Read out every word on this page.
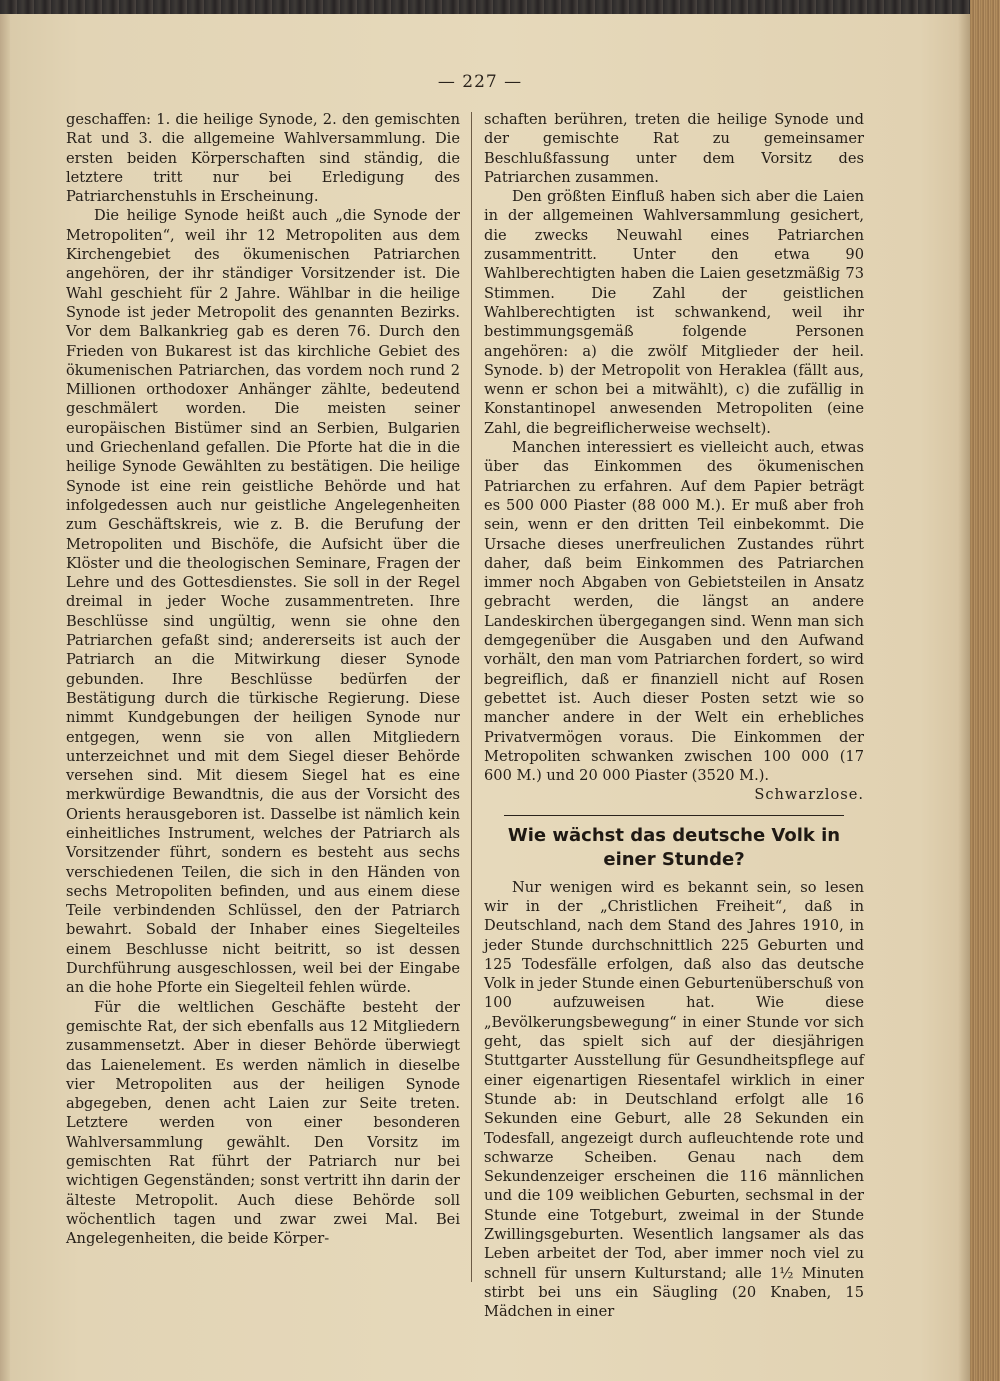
— 227 —

geschaffen: 1. die heilige Synode, 2. den gemischten Rat und 3. die allgemeine Wahlversammlung. Die ersten beiden Körperschaften sind ständig, die letztere tritt nur bei Erledigung des Patriarchenstuhls in Erscheinung.

Die heilige Synode heißt auch „die Synode der Metropoliten“, weil ihr 12 Metropoliten aus dem Kirchengebiet des ökumenischen Patriarchen angehören, der ihr ständiger Vorsitzender ist. Die Wahl geschieht für 2 Jahre. Wählbar in die heilige Synode ist jeder Metropolit des genannten Bezirks. Vor dem Balkankrieg gab es deren 76. Durch den Frieden von Bukarest ist das kirchliche Gebiet des ökumenischen Patriarchen, das vordem noch rund 2 Millionen orthodoxer Anhänger zählte, bedeutend geschmälert worden. Die meisten seiner europäischen Bistümer sind an Serbien, Bulgarien und Griechenland gefallen. Die Pforte hat die in die heilige Synode Gewählten zu bestätigen. Die heilige Synode ist eine rein geistliche Behörde und hat infolgedessen auch nur geistliche Angelegenheiten zum Geschäftskreis, wie z. B. die Berufung der Metropoliten und Bischöfe, die Aufsicht über die Klöster und die theologischen Seminare, Fragen der Lehre und des Gottesdienstes. Sie soll in der Regel dreimal in jeder Woche zusammentreten. Ihre Beschlüsse sind ungültig, wenn sie ohne den Patriarchen gefaßt sind; andererseits ist auch der Patriarch an die Mitwirkung dieser Synode gebunden. Ihre Beschlüsse bedürfen der Bestätigung durch die türkische Regierung. Diese nimmt Kundgebungen der heiligen Synode nur entgegen, wenn sie von allen Mitgliedern unterzeichnet und mit dem Siegel dieser Behörde versehen sind. Mit diesem Siegel hat es eine merkwürdige Bewandtnis, die aus der Vorsicht des Orients herausgeboren ist. Dasselbe ist nämlich kein einheitliches Instrument, welches der Patriarch als Vorsitzender führt, sondern es besteht aus sechs verschiedenen Teilen, die sich in den Händen von sechs Metropoliten befinden, und aus einem diese Teile verbindenden Schlüssel, den der Patriarch bewahrt. Sobald der Inhaber eines Siegelteiles einem Beschlusse nicht beitritt, so ist dessen Durchführung ausgeschlossen, weil bei der Eingabe an die hohe Pforte ein Siegelteil fehlen würde.

Für die weltlichen Geschäfte besteht der gemischte Rat, der sich ebenfalls aus 12 Mitgliedern zusammensetzt. Aber in dieser Behörde überwiegt das Laienelement. Es werden nämlich in dieselbe vier Metropoliten aus der heiligen Synode abgegeben, denen acht Laien zur Seite treten. Letztere werden von einer besonderen Wahlversammlung gewählt. Den Vorsitz im gemischten Rat führt der Patriarch nur bei wichtigen Gegenständen; sonst vertritt ihn darin der älteste Metropolit. Auch diese Behörde soll wöchentlich tagen und zwar zwei Mal. Bei Angelegenheiten, die beide Körper-

schaften berühren, treten die heilige Synode und der gemischte Rat zu gemeinsamer Beschlußfassung unter dem Vorsitz des Patriarchen zusammen.

Den größten Einfluß haben sich aber die Laien in der allgemeinen Wahlversammlung gesichert, die zwecks Neuwahl eines Patriarchen zusammentritt. Unter den etwa 90 Wahlberechtigten haben die Laien gesetzmäßig 73 Stimmen. Die Zahl der geistlichen Wahlberechtigten ist schwankend, weil ihr bestimmungsgemäß folgende Personen angehören: a) die zwölf Mitglieder der heil. Synode. b) der Metropolit von Heraklea (fällt aus, wenn er schon bei a mitwählt), c) die zufällig in Konstantinopel anwesenden Metropoliten (eine Zahl, die begreiflicherweise wechselt).

Manchen interessiert es vielleicht auch, etwas über das Einkommen des ökumenischen Patriarchen zu erfahren. Auf dem Papier beträgt es 500 000 Piaster (88 000 M.). Er muß aber froh sein, wenn er den dritten Teil einbekommt. Die Ursache dieses unerfreulichen Zustandes rührt daher, daß beim Einkommen des Patriarchen immer noch Abgaben von Gebietsteilen in Ansatz gebracht werden, die längst an andere Landeskirchen übergegangen sind. Wenn man sich demgegenüber die Ausgaben und den Aufwand vorhält, den man vom Patriarchen fordert, so wird begreiflich, daß er finanziell nicht auf Rosen gebettet ist. Auch dieser Posten setzt wie so mancher andere in der Welt ein erhebliches Privatvermögen voraus. Die Einkommen der Metropoliten schwanken zwischen 100 000 (17 600 M.) und 20 000 Piaster (3520 M.).

Schwarzlose.

Wie wächst das deutsche Volk in einer Stunde?

Nur wenigen wird es bekannt sein, so lesen wir in der „Christlichen Freiheit“, daß in Deutschland, nach dem Stand des Jahres 1910, in jeder Stunde durchschnittlich 225 Geburten und 125 Todesfälle erfolgen, daß also das deutsche Volk in jeder Stunde einen Geburtenüberschuß von 100 aufzuweisen hat. Wie diese „Bevölkerungsbewegung“ in einer Stunde vor sich geht, das spielt sich auf der diesjährigen Stuttgarter Ausstellung für Gesundheitspflege auf einer eigenartigen Riesentafel wirklich in einer Stunde ab: in Deutschland erfolgt alle 16 Sekunden eine Geburt, alle 28 Sekunden ein Todesfall, angezeigt durch aufleuchtende rote und schwarze Scheiben. Genau nach dem Sekundenzeiger erscheinen die 116 männlichen und die 109 weiblichen Geburten, sechsmal in der Stunde eine Totgeburt, zweimal in der Stunde Zwillingsgeburten. Wesentlich langsamer als das Leben arbeitet der Tod, aber immer noch viel zu schnell für unsern Kulturstand; alle 1½ Minuten stirbt bei uns ein Säugling (20 Knaben, 15 Mädchen in einer
